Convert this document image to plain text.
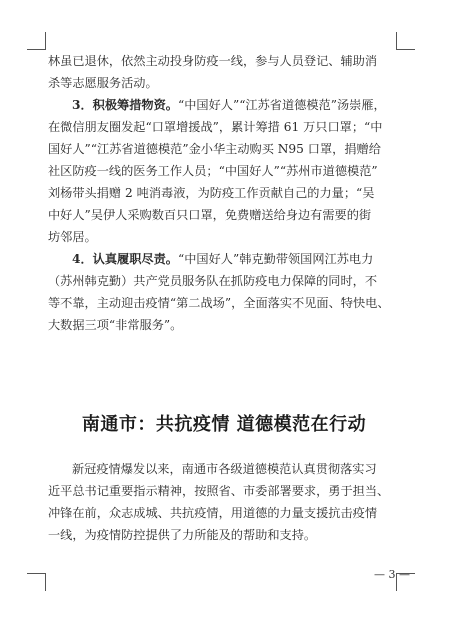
林虽已退休，依然主动投身防疫一线，参与人员登记、辅助消
杀等志愿服务活动。
3．积极筹措物资。“中国好人”“江苏省道德模范”汤崇雁，
在微信朋友圈发起“口罩增援战”，累计筹措 61 万只口罩；“中
国好人”“江苏省道德模范”金小华主动购买 N95 口罩，捐赠给
社区防疫一线的医务工作人员；“中国好人”“苏州市道德模范”
刘杨带头捐赠 2 吨消毒液，为防疫工作贡献自己的力量；“吴
中好人”吴伊人采购数百只口罩，免费赠送给身边有需要的街
坊邻居。
4．认真履职尽责。“中国好人”韩克勤带领国网江苏电力
（苏州韩克勤）共产党员服务队在抓防疫电力保障的同时，不
等不靠，主动迎击疫情“第二战场”，全面落实不见面、特快电、
大数据三项“非常服务”。
南通市：共抗疫情 道德模范在行动
新冠疫情爆发以来，南通市各级道德模范认真贯彻落实习
近平总书记重要指示精神，按照省、市委部署要求，勇于担当、
冲锋在前，众志成城、共抗疫情，用道德的力量支援抗击疫情
一线，为疫情防控提供了力所能及的帮助和支持。
— 3 —
